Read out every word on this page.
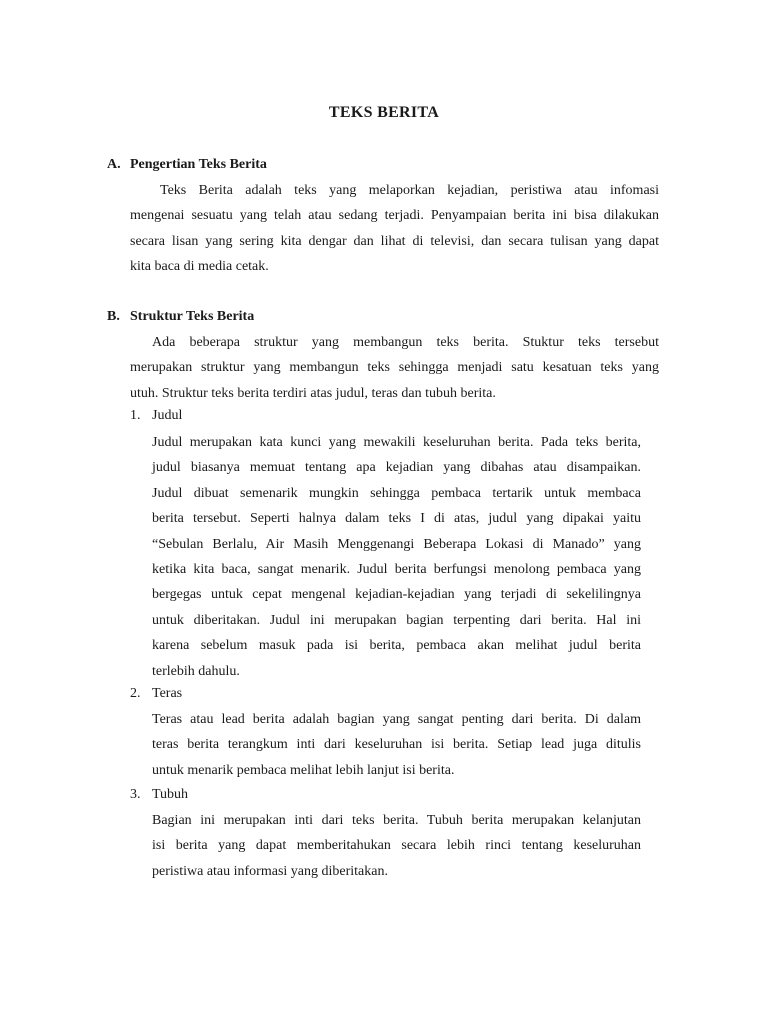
TEKS BERITA
A. Pengertian Teks Berita
Teks Berita adalah teks yang melaporkan kejadian, peristiwa atau infomasi
mengenai sesuatu yang telah atau sedang terjadi. Penyampaian berita ini bisa dilakukan
secara lisan yang sering kita dengar dan lihat di televisi, dan secara tulisan yang dapat
kita baca di media cetak.
B. Struktur Teks Berita
Ada beberapa struktur yang membangun teks berita. Stuktur teks tersebut
merupakan struktur yang membangun teks sehingga menjadi satu kesatuan teks yang
utuh. Struktur teks berita terdiri atas judul, teras dan tubuh berita.
1. Judul
Judul merupakan kata kunci yang mewakili keseluruhan berita. Pada teks berita,
judul biasanya memuat tentang apa kejadian yang dibahas atau disampaikan.
Judul dibuat semenarik mungkin sehingga pembaca tertarik untuk membaca
berita tersebut. Seperti halnya dalam teks I di atas, judul yang dipakai yaitu
“Sebulan Berlalu, Air Masih Menggenangi Beberapa Lokasi di Manado” yang
ketika kita baca, sangat menarik. Judul berita berfungsi menolong pembaca yang
bergegas untuk cepat mengenal kejadian-kejadian yang terjadi di sekelilingnya
untuk diberitakan. Judul ini merupakan bagian terpenting dari berita. Hal ini
karena sebelum masuk pada isi berita, pembaca akan melihat judul berita
terlebih dahulu.
2. Teras
Teras atau lead berita adalah bagian yang sangat penting dari berita. Di dalam
teras berita terangkum inti dari keseluruhan isi berita. Setiap lead juga ditulis
untuk menarik pembaca melihat lebih lanjut isi berita.
3. Tubuh
Bagian ini merupakan inti dari teks berita. Tubuh berita merupakan kelanjutan
isi berita yang dapat memberitahukan secara lebih rinci tentang keseluruhan
peristiwa atau informasi yang diberitakan.
